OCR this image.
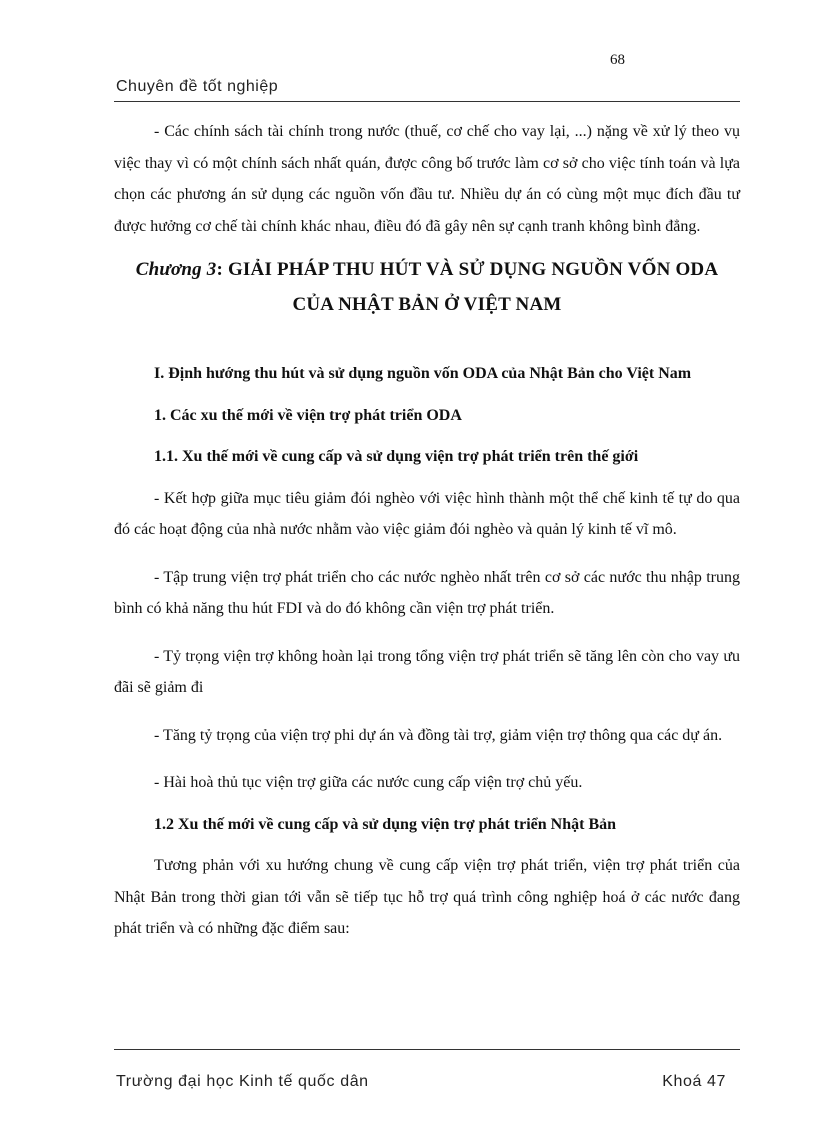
68
Chuyên đề tốt nghiệp

- Các chính sách tài chính trong nước (thuế, cơ chế cho vay lại, ...) nặng về xử lý theo vụ việc thay vì có một chính sách nhất quán, được công bố trước làm cơ sở cho việc tính toán và lựa chọn các phương án sử dụng các nguồn vốn đầu tư. Nhiều dự án có cùng một mục đích đầu tư được hưởng cơ chế tài chính khác nhau, điều đó đã gây nên sự cạnh tranh không bình đẳng.

Chương 3: GIẢI PHÁP THU HÚT VÀ SỬ DỤNG NGUỒN VỐN ODA CỦA NHẬT BẢN Ở VIỆT NAM

I. Định hướng thu hút và sử dụng nguồn vốn ODA của Nhật Bản cho Việt Nam

1. Các xu thế mới về viện trợ phát triển ODA

1.1. Xu thế mới về cung cấp và sử dụng viện trợ phát triển trên thế giới

- Kết hợp giữa mục tiêu giảm đói nghèo với việc hình thành một thể chế kinh tế tự do qua đó các hoạt động của nhà nước nhằm vào việc giảm đói nghèo và quản lý kinh tế vĩ mô.

- Tập trung viện trợ phát triển cho các nước nghèo nhất trên cơ sở các nước thu nhập trung bình có khả năng thu hút FDI và do đó không cần viện trợ phát triển.

- Tỷ trọng viện trợ không hoàn lại trong tổng viện trợ phát triển sẽ tăng lên còn cho vay ưu đãi sẽ giảm đi

- Tăng tỷ trọng của viện trợ phi dự án và đồng tài trợ, giảm viện trợ thông qua các dự án.

- Hài hoà thủ tục viện trợ giữa các nước cung cấp viện trợ chủ yếu.

1.2 Xu thế mới về cung cấp và sử dụng viện trợ phát triển Nhật Bản

Tương phản với xu hướng chung về cung cấp viện trợ phát triển, viện trợ phát triển của Nhật Bản trong thời gian tới vẫn sẽ tiếp tục hỗ trợ quá trình công nghiệp hoá ở các nước đang phát triển và có những đặc điểm sau:

Trường đại học Kinh tế quốc dân	Khoá 47
